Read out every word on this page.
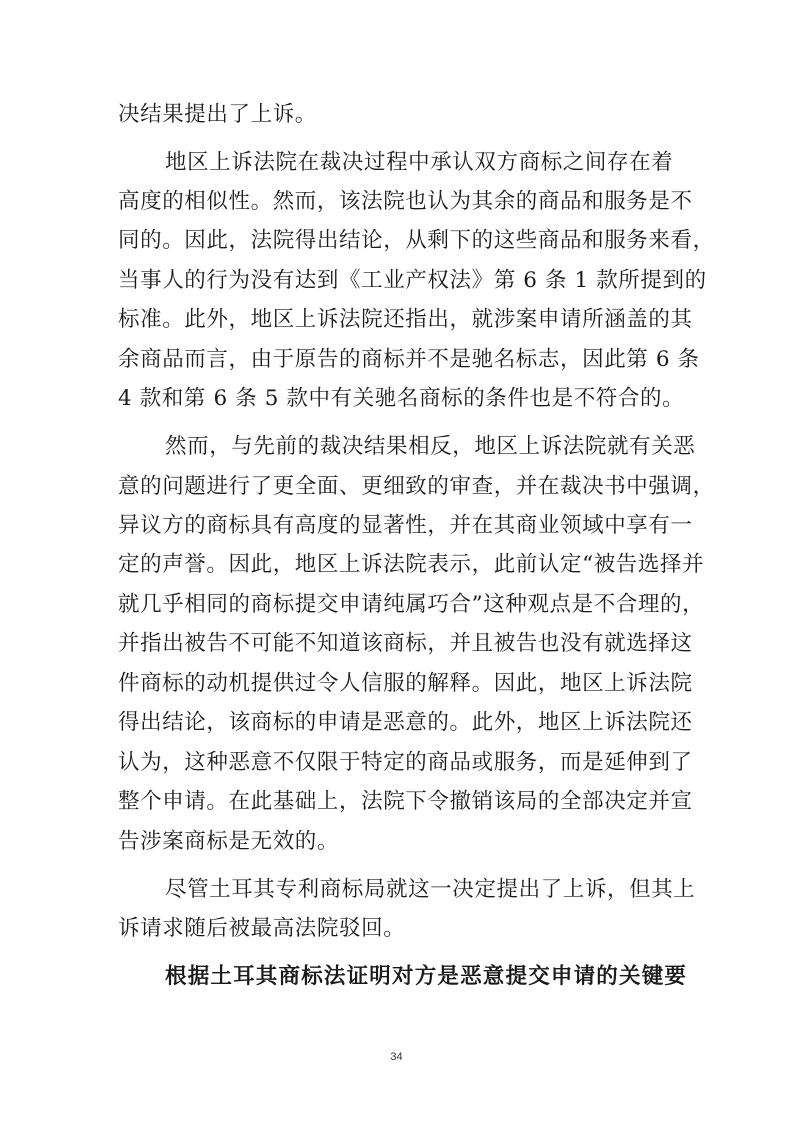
决结果提出了上诉。
地区上诉法院在裁决过程中承认双方商标之间存在着
高度的相似性。然而，该法院也认为其余的商品和服务是不
同的。因此，法院得出结论，从剩下的这些商品和服务来看，
当事人的行为没有达到《工业产权法》第 6 条 1 款所提到的
标准。此外，地区上诉法院还指出，就涉案申请所涵盖的其
余商品而言，由于原告的商标并不是驰名标志，因此第 6 条
4 款和第 6 条 5 款中有关驰名商标的条件也是不符合的。
然而，与先前的裁决结果相反，地区上诉法院就有关恶
意的问题进行了更全面、更细致的审查，并在裁决书中强调，
异议方的商标具有高度的显著性，并在其商业领域中享有一
定的声誉。因此，地区上诉法院表示，此前认定“被告选择并
就几乎相同的商标提交申请纯属巧合”这种观点是不合理的，
并指出被告不可能不知道该商标，并且被告也没有就选择这
件商标的动机提供过令人信服的解释。因此，地区上诉法院
得出结论，该商标的申请是恶意的。此外，地区上诉法院还
认为，这种恶意不仅限于特定的商品或服务，而是延伸到了
整个申请。在此基础上，法院下令撤销该局的全部决定并宣
告涉案商标是无效的。
尽管土耳其专利商标局就这一决定提出了上诉，但其上
诉请求随后被最高法院驳回。
根据土耳其商标法证明对方是恶意提交申请的关键要
34
